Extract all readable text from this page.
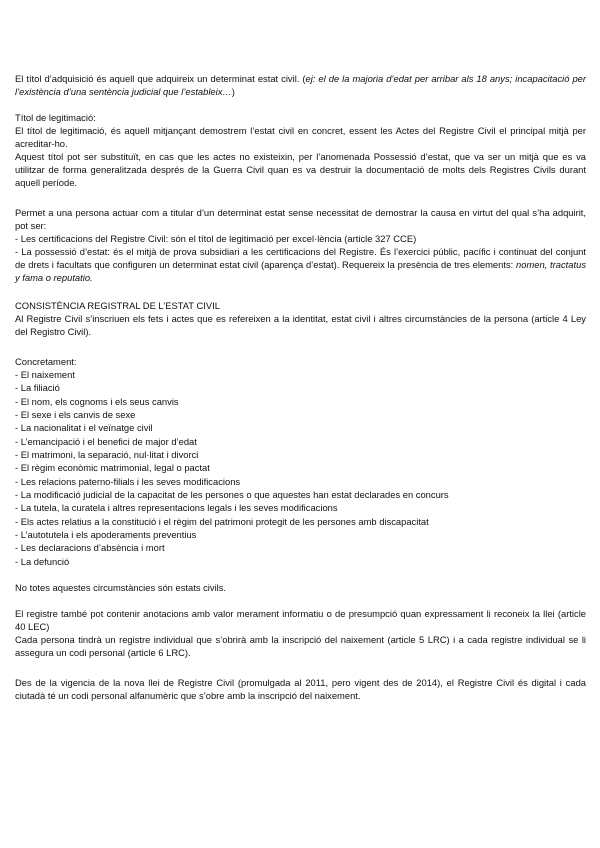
El títol d’adquisició és aquell que adquireix un determinat estat civil. (ej: el de la majoria d’edat per arribar als 18 anys; incapacitació per l’existència d’una sentència judicial que l’estableix…)

Títol de legitimació:

El títol de legitimació, és aquell mitjançant demostrem l’estat civil en concret, essent les Actes del Registre Civil el principal mitjà per acreditar-ho.

Aquest títol pot ser substituït, en cas que les actes no existeixin, per l’anomenada Possessió d’estat, que va ser un mitjà que es va utilitzar de forma generalitzada després de la Guerra Civil quan es va destruir la documentació de molts dels Registres Civils durant aquell període.

Permet a una persona actuar com a titular d’un determinat estat sense necessitat de demostrar la causa en virtut del qual s’ha adquirit, pot ser:

- Les certificacions del Registre Civil: són el títol de legitimació per excel·lència (article 327 CCE)

- La possessió d’estat: és el mitjà de prova subsidiari a les certificacions del Registre. És l’exercici públic, pacífic i continuat del conjunt de drets i facultats que configuren un determinat estat civil (aparença d’estat). Requereix la presència de tres elements: nomen, tractatus y fama o reputatio.

CONSISTÈNCIA REGISTRAL DE L’ESTAT CIVIL

Al Registre Civil s’inscriuen els fets i actes que es refereixen a la identitat, estat civil i altres circumstàncies de la persona (article 4 Ley del Registro Civil).

Concretament:

- El naixement
- La filiació
- El nom, els cognoms i els seus canvis
- El sexe i els canvis de sexe
- La nacionalitat i el veïnatge civil
- L’emancipació i el benefici de major d’edat
- El matrimoni, la separació, nul·litat i divorci
- El règim econòmic matrimonial, legal o pactat
- Les relacions paterno-filials i les seves modificacions
- La modificació judicial de la capacitat de les persones o que aquestes han estat declarades en concurs
- La tutela, la curatela i altres representacions legals i les seves modificacions
- Els actes relatius a la constitució i el règim del patrimoni protegit de les persones amb discapacitat
- L’autotutela i els apoderaments preventius
- Les declaracions d’absència i mort
- La defunció

No totes aquestes circumstàncies són estats civils.

El registre també pot contenir anotacions amb valor merament informatiu o de presumpció quan expressament li reconeix la llei (article 40 LEC)

Cada persona tindrà un registre individual que s’obrirà amb la inscripció del naixement (article 5 LRC) i a cada registre individual se li assegura un codi personal (article 6 LRC).

Des de la vigencia de la nova llei de Registre Civil (promulgada al 2011, pero vigent des de 2014), el Registre Civil és digital i cada ciutadà té un codi personal alfanumèric que s’obre amb la inscripció del naixement.
